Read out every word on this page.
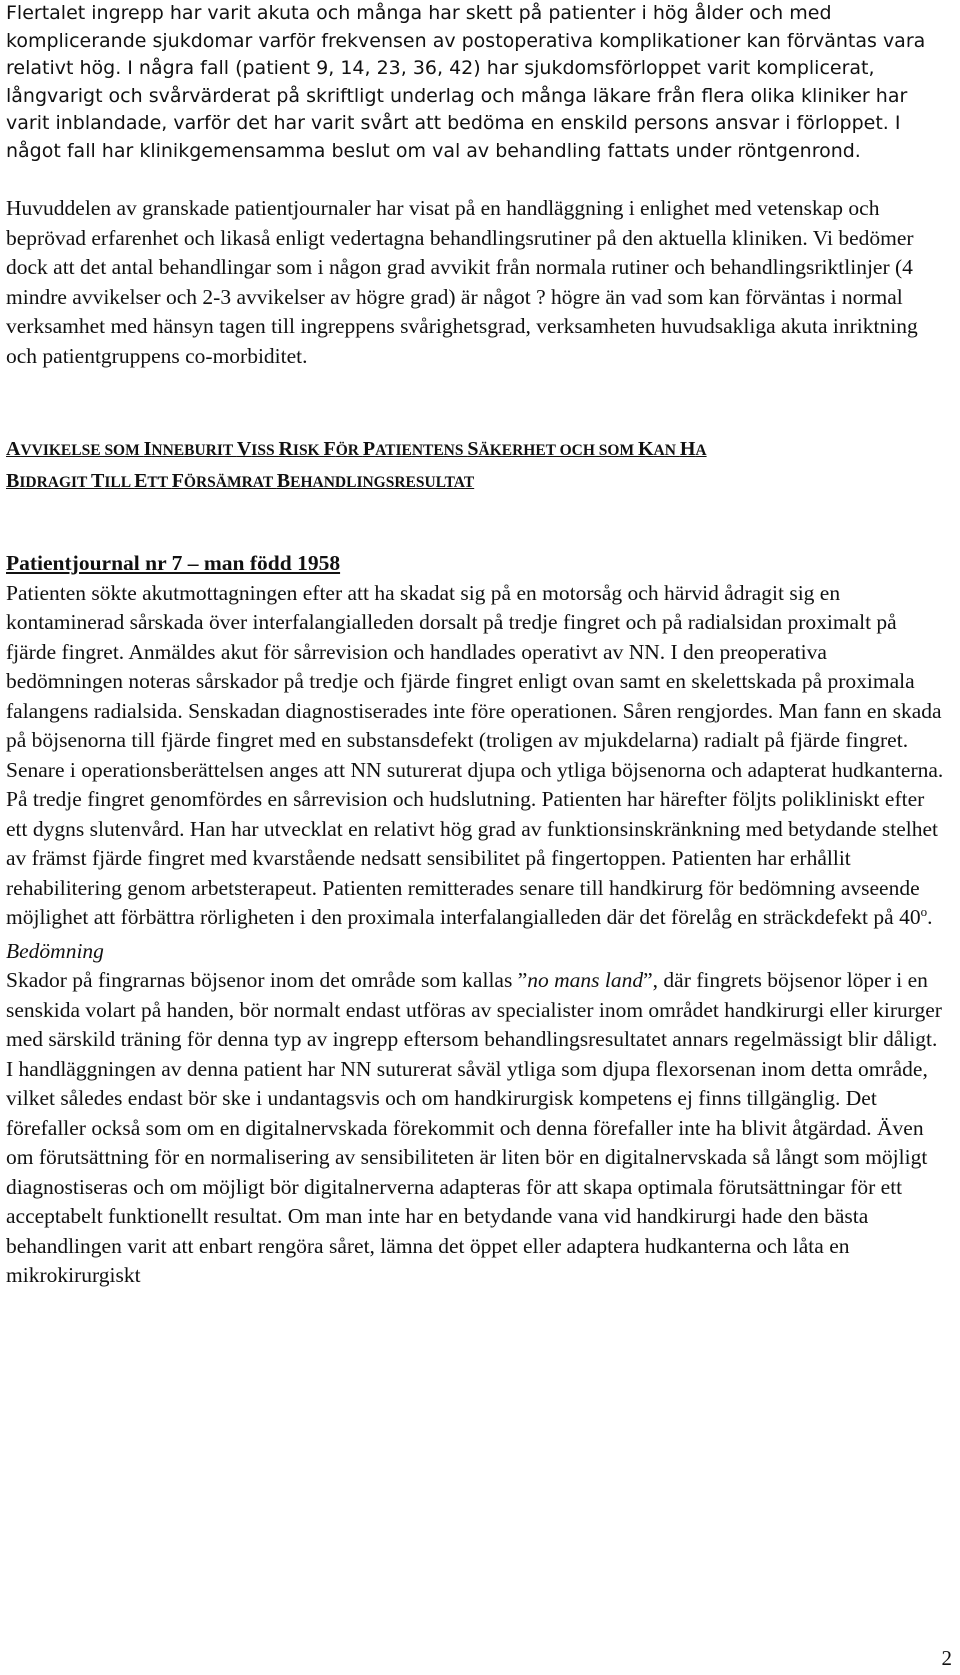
Flertalet ingrepp har varit akuta och många har skett på patienter i hög ålder och med komplicerande sjukdomar varför frekvensen av postoperativa komplikationer kan förväntas vara relativt hög. I några fall (patient 9, 14, 23, 36, 42) har sjukdomsförloppet varit komplicerat, långvarigt och svårvärderat på skriftligt underlag och många läkare från flera olika kliniker har varit inblandade, varför det har varit svårt att bedöma en enskild persons ansvar i förloppet. I något fall har klinikgemensamma beslut om val av behandling fattats under röntgenrond.

Huvuddelen av granskade patientjournaler har visat på en handläggning i enlighet med vetenskap och beprövad erfarenhet och likaså enligt vedertagna behandlingsrutiner på den aktuella kliniken. Vi bedömer dock att det antal behandlingar som i någon grad avvikit från normala rutiner och behandlingsriktlinjer (4 mindre avvikelser och 2-3 avvikelser av högre grad) är något ? högre än vad som kan förväntas i normal verksamhet med hänsyn tagen till ingreppens svårighetsgrad, verksamheten huvudsakliga akuta inriktning och patientgruppens co-morbiditet.

AVVIKELSE SOM INNEBURIT VISS RISK FÖR PATIENTENS SÄKERHET OCH SOM KAN HA
BIDRAGIT TILL ETT FÖRSÄMRAT BEHANDLINGSRESULTAT

Patientjournal nr 7 – man född 1958

Patienten sökte akutmottagningen efter att ha skadat sig på en motorsåg och härvid ådragit sig en kontaminerad sårskada över interfalangialleden dorsalt på tredje fingret och på radialsidan proximalt på fjärde fingret. Anmäldes akut för sårrevision och handlades operativt av NN. I den preoperativa bedömningen noteras sårskador på tredje och fjärde fingret enligt ovan samt en skelettskada på proximala falangens radialsida. Senskadan diagnostiserades inte före operationen. Såren rengjordes. Man fann en skada på böjsenorna till fjärde fingret med en substansdefekt (troligen av mjukdelarna) radialt på fjärde fingret. Senare i operationsberättelsen anges att NN suturerat djupa och ytliga böjsenorna och adapterat hudkanterna. På tredje fingret genomfördes en sårrevision och hudslutning. Patienten har härefter följts polikliniskt efter ett dygns slutenvård. Han har utvecklat en relativt hög grad av funktionsinskränkning med betydande stelhet av främst fjärde fingret med kvarstående nedsatt sensibilitet på fingertoppen. Patienten har erhållit rehabilitering genom arbetsterapeut. Patienten remitterades senare till handkirurg för bedömning avseende möjlighet att förbättra rörligheten i den proximala interfalangialleden där det förelåg en sträckdefekt på 40$^o$.

Bedömning

Skador på fingrarnas böjsenor inom det område som kallas ”no mans land”, där fingrets böjsenor löper i en senskida volart på handen, bör normalt endast utföras av specialister inom området handkirurgi eller kirurger med särskild träning för denna typ av ingrepp eftersom behandlingsresultatet annars regelmässigt blir dåligt. I handläggningen av denna patient har NN suturerat såväl ytliga som djupa flexorsenan inom detta område, vilket således endast bör ske i undantagsvis och om handkirurgisk kompetens ej finns tillgänglig. Det förefaller också som om en digitalnervskada förekommit och denna förefaller inte ha blivit åtgärdad. Även om förutsättning för en normalisering av sensibiliteten är liten bör en digitalnervskada så långt som möjligt diagnostiseras och om möjligt bör digitalnerverna adapteras för att skapa optimala förutsättningar för ett acceptabelt funktionellt resultat. Om man inte har en betydande vana vid handkirurgi hade den bästa behandlingen varit att enbart rengöra såret, lämna det öppet eller adaptera hudkanterna och låta en mikrokirurgiskt

2
